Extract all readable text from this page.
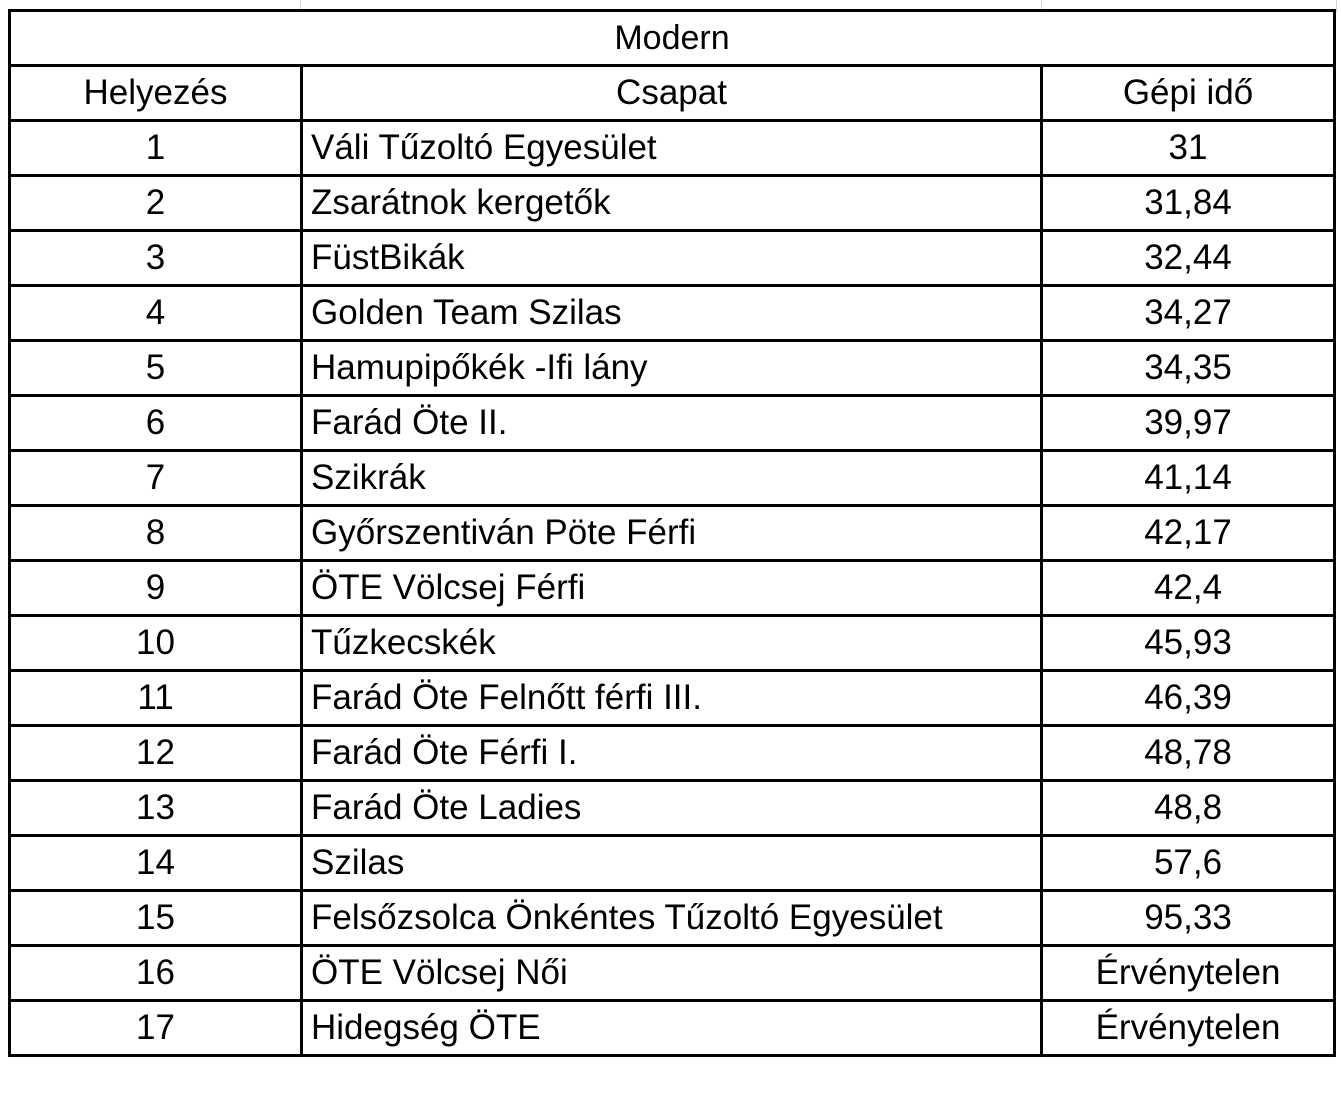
Modern		
Helyezés	Csapat	Gépi idő
1	Váli Tűzoltó Egyesület	31
2	Zsarátnok kergetők	31,84
3	FüstBikák	32,44
4	Golden Team Szilas	34,27
5	Hamupipőkék -Ifi lány	34,35
6	Farád Öte II.	39,97
7	Szikrák	41,14
8	Győrszentiván Pöte Férfi	42,17
9	ÖTE Völcsej Férfi	42,4
10	Tűzkecskék	45,93
11	Farád Öte Felnőtt férfi III.	46,39
12	Farád Öte Férfi I.	48,78
13	Farád Öte Ladies	48,8
14	Szilas	57,6
15	Felsőzsolca Önkéntes Tűzoltó Egyesület	95,33
16	ÖTE Völcsej Női	Érvénytelen
17	Hidegség ÖTE	Érvénytelen
